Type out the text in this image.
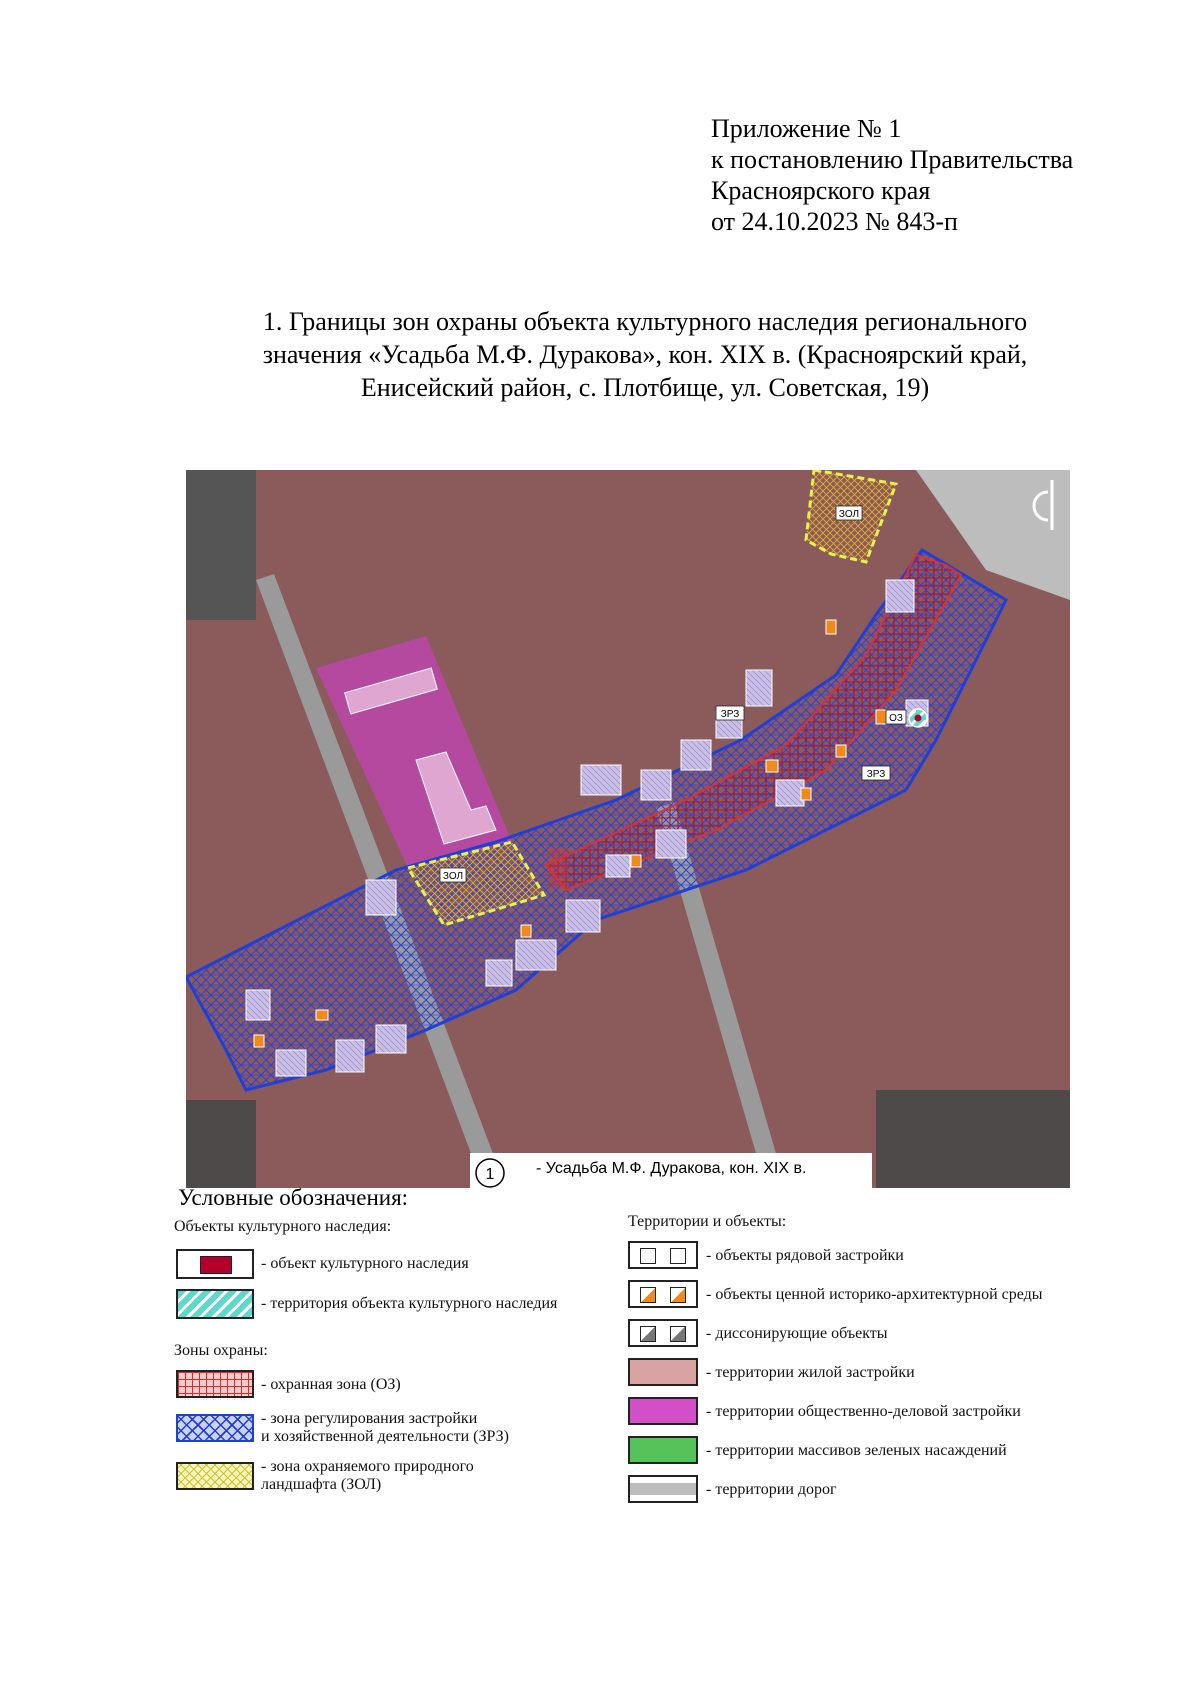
Приложение № 1
к постановлению Правительства
Красноярского края
от 24.10.2023 № 843-п
1. Границы зон охраны объекта культурного наследия регионального
значения «Усадьба М.Ф. Дуракова», кон. XIX в. (Красноярский край,
Енисейский район, с. Плотбище, ул. Советская, 19)
ЗОЛ
ЗОЛ
ЗРЗ
ЗРЗ
ОЗ
1	- Усадьба М.Ф. Дуракова, кон. XIX в.
Условные обозначения:
Объекты культурного наследия:
- объект культурного наследия
- территория объекта культурного наследия
Зоны охраны:
- охранная зона (ОЗ)
- зона регулирования застройки
и хозяйственной деятельности (ЗРЗ)
- зона охраняемого природного
ландшафта (ЗОЛ)
Территории и объекты:
- объекты рядовой застройки
- объекты ценной историко-архитектурной среды
- диссонирующие объекты
- территории жилой застройки
- территории общественно-деловой застройки
- территории массивов зеленых насаждений
- территории дорог
